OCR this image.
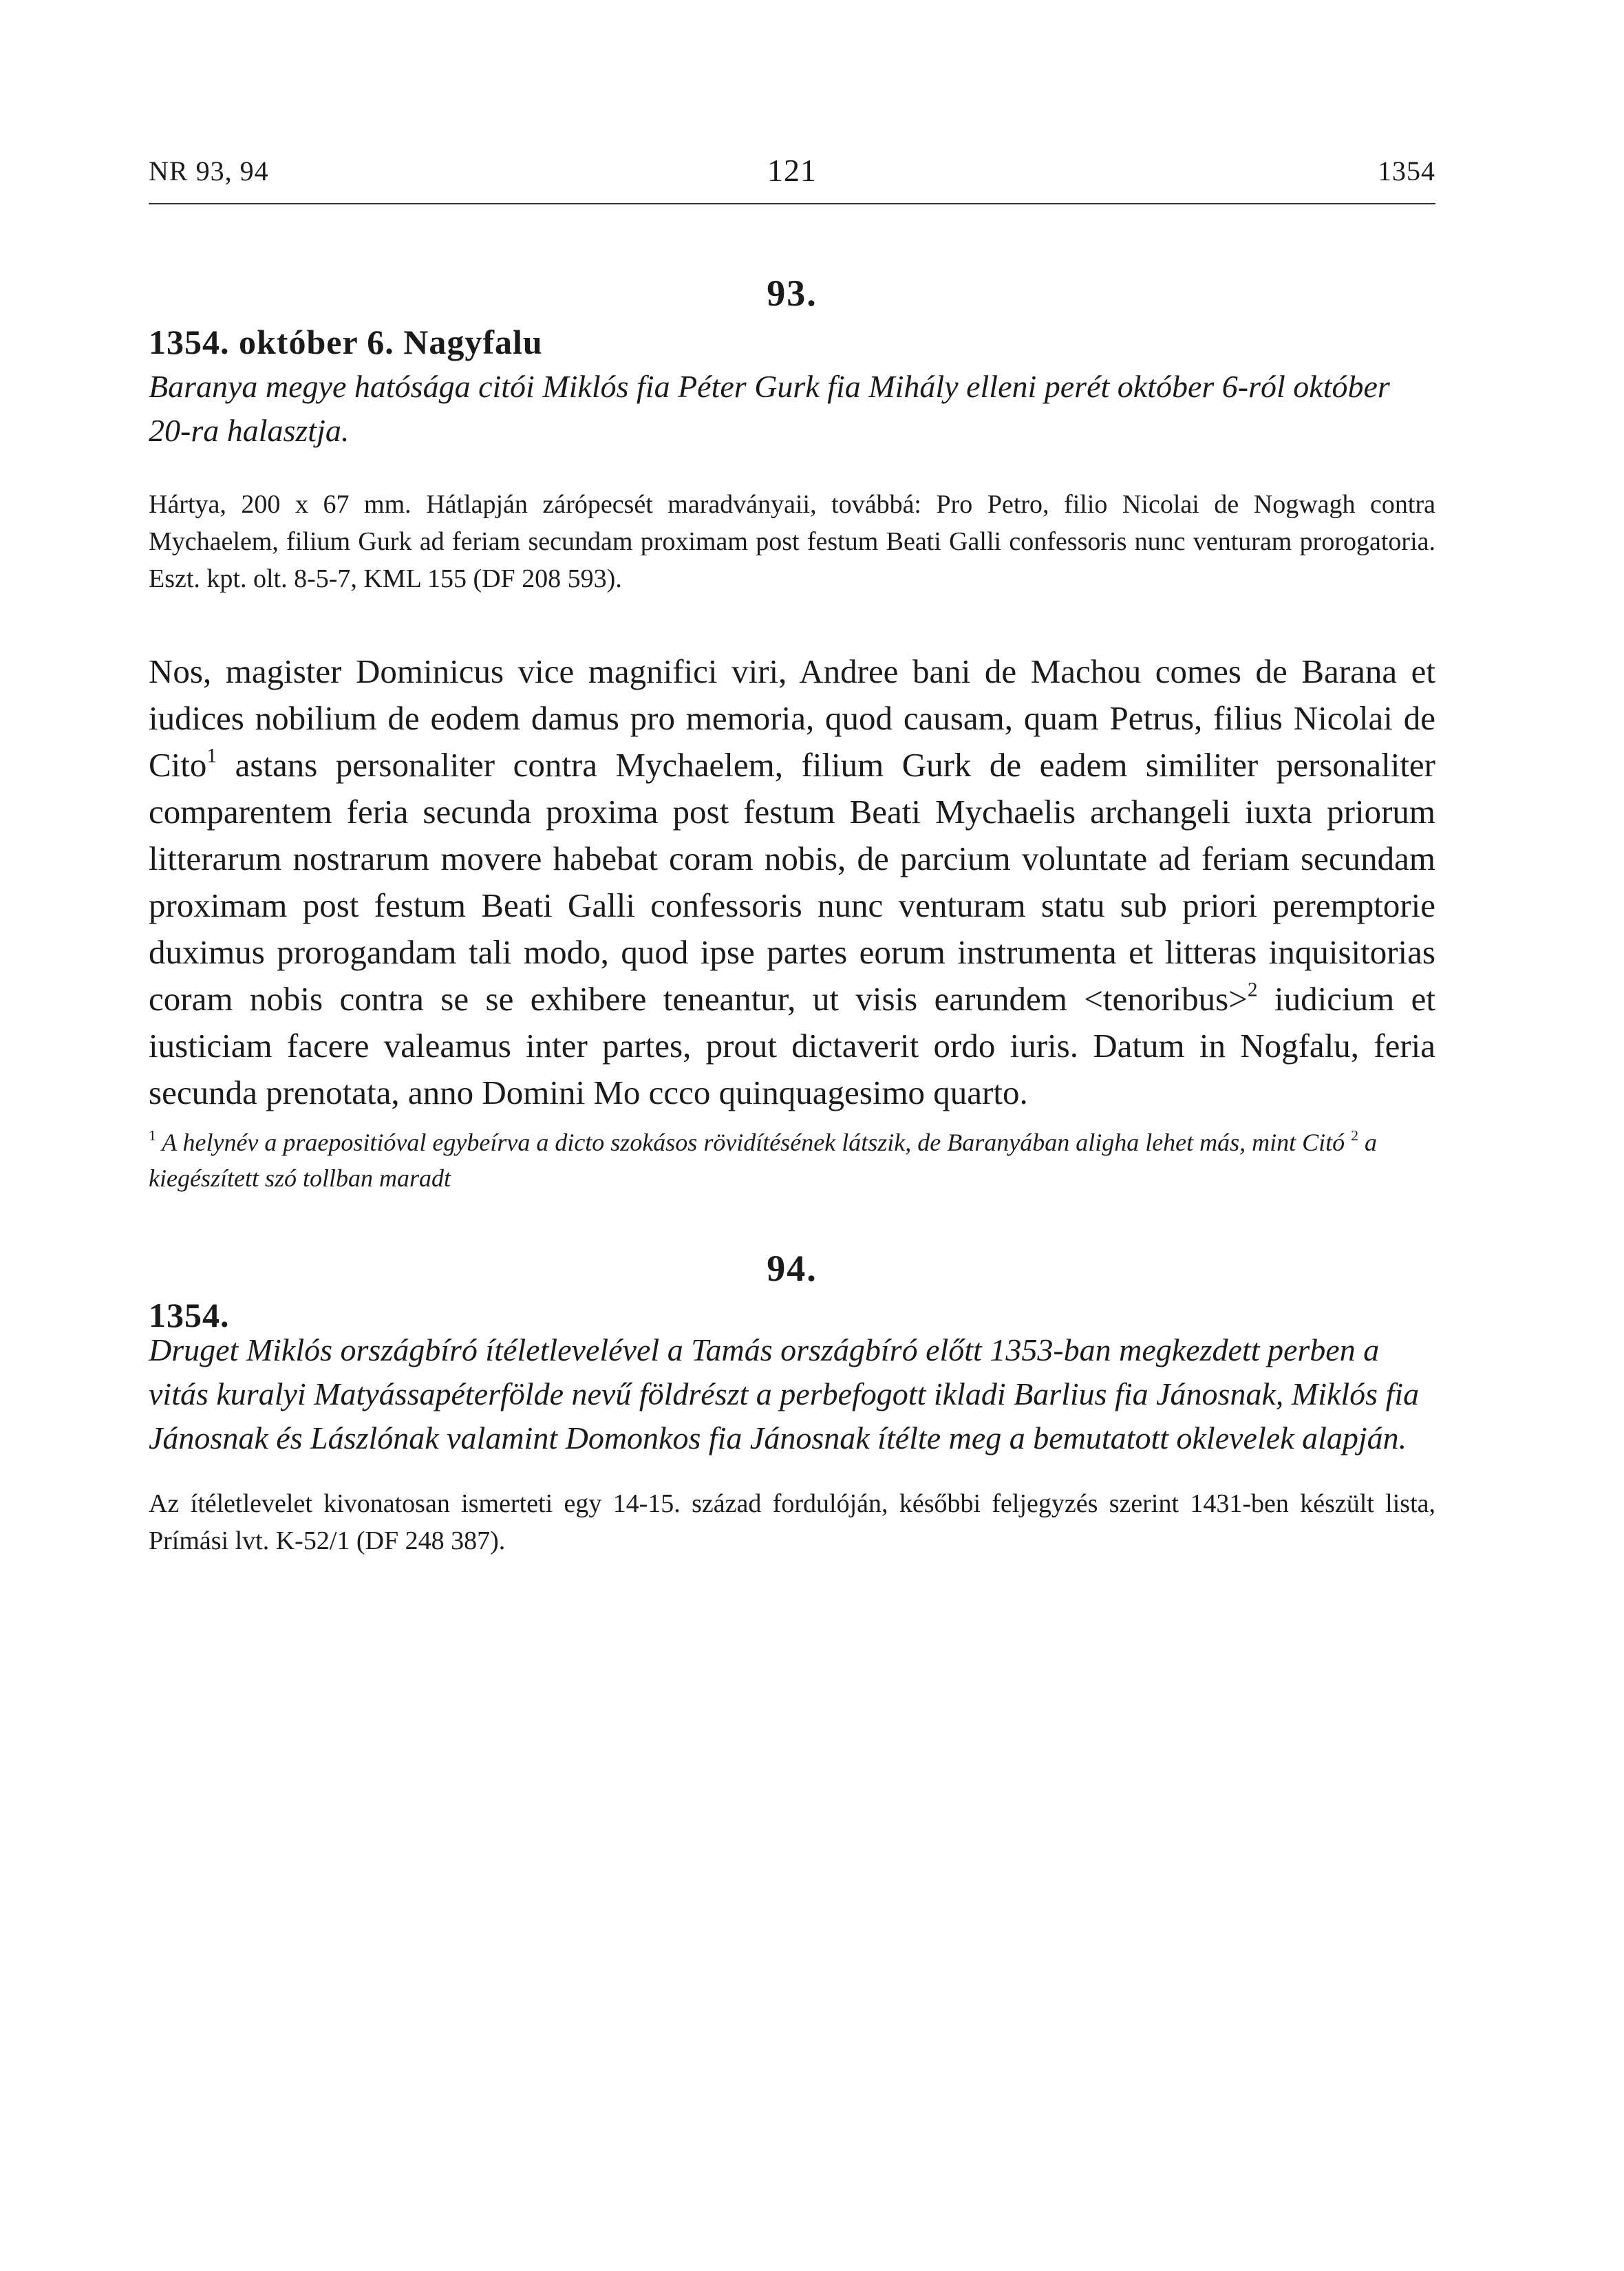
NR 93, 94	121	1354
93.
1354. október 6. Nagyfalu

Baranya megye hatósága citói Miklós fia Péter Gurk fia Mihály elleni perét október 6-ról október 20-ra halasztja.

Hártya, 200 x 67 mm. Hátlapján zárópecsét maradványaii, továbbá: Pro Petro, filio Nicolai de Nogwagh contra Mychaelem, filium Gurk ad feriam secundam proximam post festum Beati Galli confessoris nunc venturam prorogatoria. Eszt. kpt. olt. 8-5-7, KML 155 (DF 208 593).

Nos, magister Dominicus vice magnifici viri, Andree bani de Machou comes de Barana et iudices nobilium de eodem damus pro memoria, quod causam, quam Petrus, filius Nicolai de Cito$^1$ astans personaliter contra Mychaelem, filium Gurk de eadem similiter personaliter comparentem feria secunda proxima post festum Beati Mychaelis archangeli iuxta priorum litterarum nostrarum movere habebat coram nobis, de parcium voluntate ad feriam secundam proximam post festum Beati Galli confessoris nunc venturam statu sub priori peremptorie duximus prorogandam tali modo, quod ipse partes eorum instrumenta et litteras inquisitorias coram nobis contra se se exhibere teneantur, ut visis earundem <tenoribus>$^2$ iudicium et iusticiam facere valeamus inter partes, prout dictaverit ordo iuris. Datum in Nogfalu, feria secunda prenotata, anno Domini Mo ccco quinquagesimo quarto.

$^1$ A helynév a praepositióval egybeírva a dicto szokásos rövidítésének látszik, de Baranyában aligha lehet más, mint Citó $^2$ a kiegészített szó tollban maradt

94.
1354.

Druget Miklós országbíró ítéletlevelével a Tamás országbíró előtt 1353-ban megkezdett perben a vitás kuralyi Matyássapéterfölde nevű földrészt a perbefogott ikladi Barlius fia Jánosnak, Miklós fia Jánosnak és Lászlónak valamint Domonkos fia Jánosnak ítélte meg a bemutatott oklevelek alapján.

Az ítéletlevelet kivonatosan ismerteti egy 14-15. század fordulóján, későbbi feljegyzés szerint 1431-ben készült lista, Prímási lvt. K-52/1 (DF 248 387).
